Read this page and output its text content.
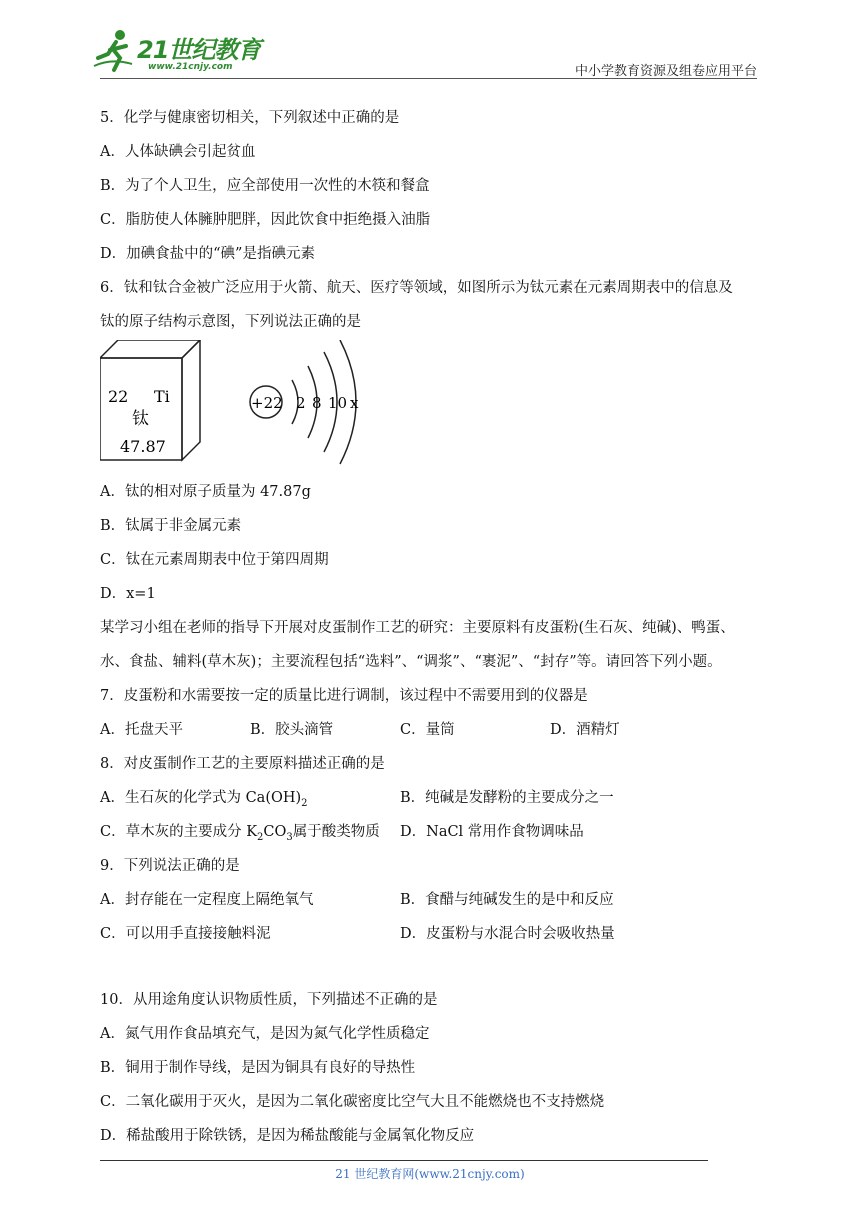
21世纪教育
www.21cnjy.com	中小学教育资源及组卷应用平台
5．化学与健康密切相关，下列叙述中正确的是
A．人体缺碘会引起贫血
B．为了个人卫生，应全部使用一次性的木筷和餐盒
C．脂肪使人体臃肿肥胖，因此饮食中拒绝摄入油脂
D．加碘食盐中的“碘”是指碘元素
6．钛和钛合金被广泛应用于火箭、航天、医疗等领域，如图所示为钛元素在元素周期表中的信息及
钛的原子结构示意图，下列说法正确的是
A．钛的相对原子质量为 47.87g
B．钛属于非金属元素
C．钛在元素周期表中位于第四周期
D．x=1
某学习小组在老师的指导下开展对皮蛋制作工艺的研究：主要原料有皮蛋粉(生石灰、纯碱)、鸭蛋、
水、食盐、辅料(草木灰)；主要流程包括“选料”、“调浆”、“裹泥”、“封存”等。请回答下列小题。
7．皮蛋粉和水需要按一定的质量比进行调制，该过程中不需要用到的仪器是
A．托盘天平	B．胶头滴管	C．量筒	D．酒精灯
8．对皮蛋制作工艺的主要原料描述正确的是
A．生石灰的化学式为 $Ca(OH)_2$	B．纯碱是发酵粉的主要成分之一
C．草木灰的主要成分 $K_2CO_3$属于酸类物质 D．NaCl 常用作食物调味品
9．下列说法正确的是
A．封存能在一定程度上隔绝氧气	B．食醋与纯碱发生的是中和反应
C．可以用手直接接触料泥	D．皮蛋粉与水混合时会吸收热量
10．从用途角度认识物质性质，下列描述不正确的是
A．氮气用作食品填充气，是因为氮气化学性质稳定
B．铜用于制作导线，是因为铜具有良好的导热性
C．二氧化碳用于灭火，是因为二氧化碳密度比空气大且不能燃烧也不支持燃烧
D．稀盐酸用于除铁锈，是因为稀盐酸能与金属氧化物反应
22 Ti
钛
47.87
+22 2 8 10 x
21 世纪教育网(www.21cnjy.com)
